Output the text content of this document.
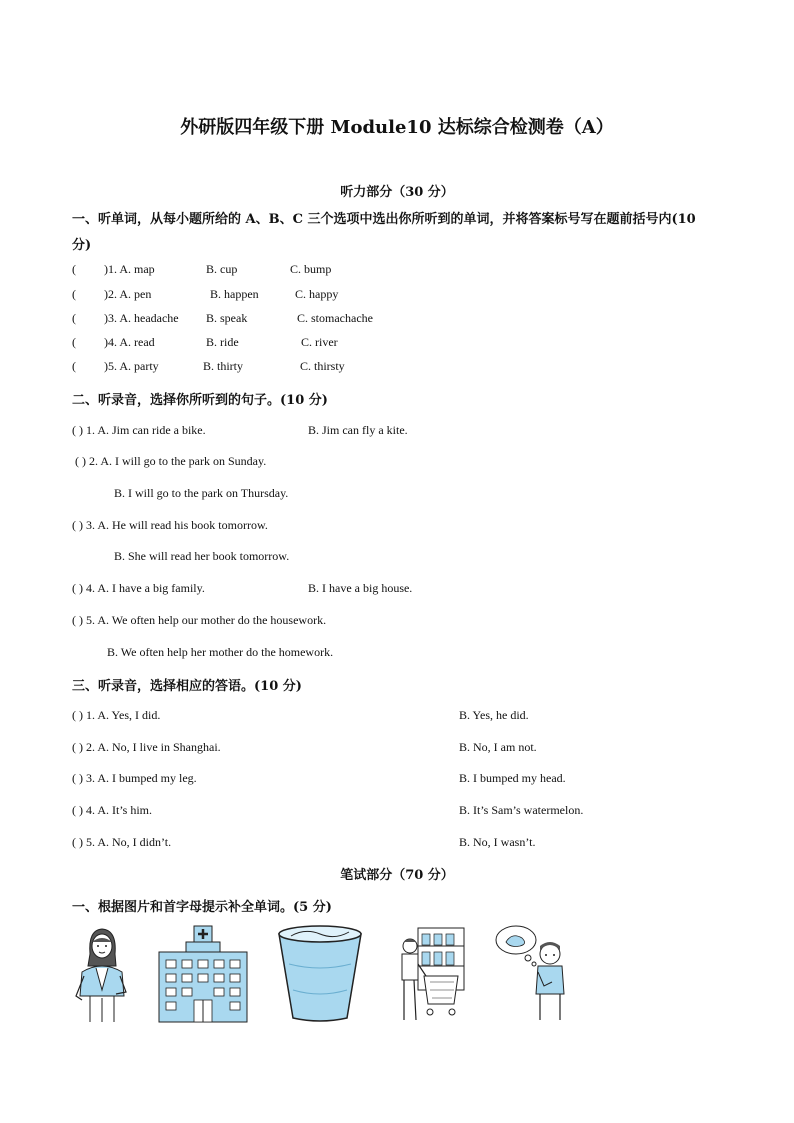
外研版四年级下册 Module10 达标综合检测卷（A）
听力部分（30 分）
一、听单词，从每小题所给的 A、B、C 三个选项中选出你所听到的单词，并将答案标号写在题前括号内(10
分)
( )1. A. map	B. cup	C. bump
( )2. A. pen	B. happen	C. happy
( )3. A. headache B. speak	C. stomachache
( )4. A. read	B. ride	C. river
( )5. A. party	B. thirty	C. thirsty
二、听录音，选择你所听到的句子。(10 分)
( ) 1. A. Jim can ride a bike.	B. Jim can fly a kite.
( ) 2. A. I will go to the park on Sunday.
B. I will go to the park on Thursday.
( ) 3. A. He will read his book tomorrow.
B. She will read her book tomorrow.
( ) 4. A. I have a big family.	B. I have a big house.
( ) 5. A. We often help our mother do the housework.
B. We often help her mother do the homework.
三、听录音，选择相应的答语。(10 分)
( ) 1. A. Yes, I did.	B. Yes, he did.
( ) 2. A. No, I live in Shanghai.	B. No, I am not.
( ) 3. A. I bumped my leg.	B. I bumped my head.
( ) 4. A. It’s him.	B. It’s Sam’s watermelon.
( ) 5. A. No, I didn’t.	B. No, I wasn’t.
笔试部分（70 分）
一、根据图片和首字母提示补全单词。(5 分)
